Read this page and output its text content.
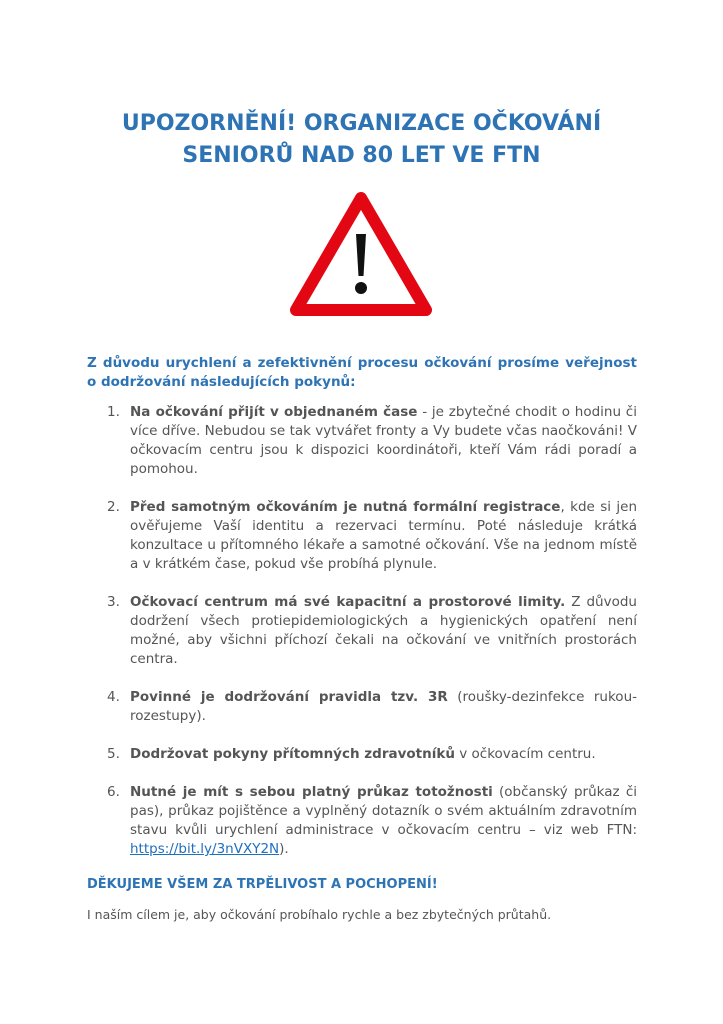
UPOZORNĚNÍ! ORGANIZACE OČKOVÁNÍ
SENIORŮ NAD 80 LET VE FTN

Z důvodu urychlení a zefektivnění procesu očkování prosíme veřejnost o dodržování následujících pokynů:

1. Na očkování přijít v objednaném čase - je zbytečné chodit o hodinu či více dříve. Nebudou se tak vytvářet fronty a Vy budete včas naočkováni! V očkovacím centru jsou k dispozici koordinátoři, kteří Vám rádi poradí a pomohou.
2. Před samotným očkováním je nutná formální registrace, kde si jen ověřujeme Vaší identitu a rezervaci termínu. Poté následuje krátká konzultace u přítomného lékaře a samotné očkování. Vše na jednom místě a v krátkém čase, pokud vše probíhá plynule.
3. Očkovací centrum má své kapacitní a prostorové limity. Z důvodu dodržení všech protiepidemiologických a hygienických opatření není možné, aby všichni příchozí čekali na očkování ve vnitřních prostorách centra.
4. Povinné je dodržování pravidla tzv. 3R (roušky-dezinfekce rukou-rozestupy).
5. Dodržovat pokyny přítomných zdravotníků v očkovacím centru.
6. Nutné je mít s sebou platný průkaz totožnosti (občanský průkaz či pas), průkaz pojištěnce a vyplněný dotazník o svém aktuálním zdravotním stavu kvůli urychlení administrace v očkovacím centru – viz web FTN: https://bit.ly/3nVXY2N).

DĚKUJEME VŠEM ZA TRPĚLIVOST A POCHOPENÍ!

I naším cílem je, aby očkování probíhalo rychle a bez zbytečných průtahů.
